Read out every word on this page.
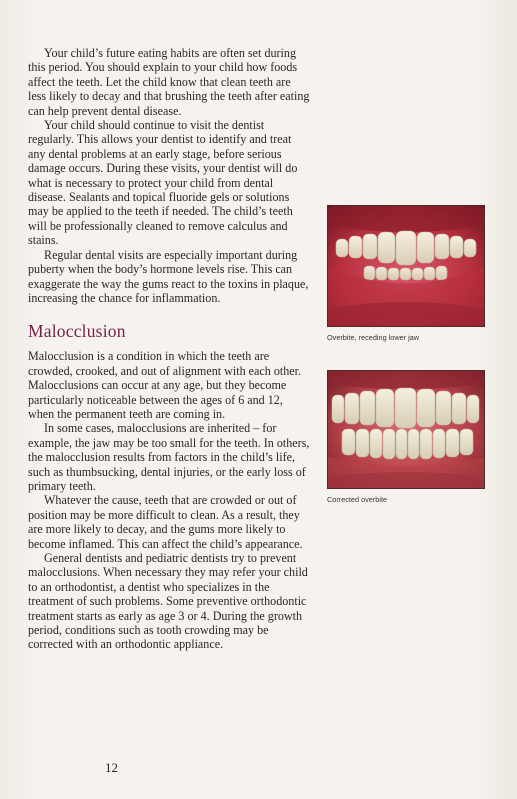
Your child’s future eating habits are often set during this period. You should explain to your child how foods affect the teeth. Let the child know that clean teeth are less likely to decay and that brushing the teeth after eating can help prevent dental disease.

Your child should continue to visit the dentist regularly. This allows your dentist to identify and treat any dental problems at an early stage, before serious damage occurs. During these visits, your dentist will do what is necessary to protect your child from dental disease. Sealants and topical fluoride gels or solutions may be applied to the teeth if needed. The child’s teeth will be professionally cleaned to remove calculus and stains.

Regular dental visits are especially important during puberty when the body’s hormone levels rise. This can exaggerate the way the gums react to the toxins in plaque, increasing the chance for inflammation.

Malocclusion

Malocclusion is a condition in which the teeth are crowded, crooked, and out of alignment with each other. Malocclusions can occur at any age, but they become particularly noticeable between the ages of 6 and 12, when the permanent teeth are coming in.

In some cases, malocclusions are inherited – for example, the jaw may be too small for the teeth. In others, the malocclusion results from factors in the child’s life, such as thumbsucking, dental injuries, or the early loss of primary teeth.

Whatever the cause, teeth that are crowded or out of position may be more difficult to clean. As a result, they are more likely to decay, and the gums more likely to become inflamed. This can affect the child’s appearance.

General dentists and pediatric dentists try to prevent malocclusions. When necessary they may refer your child to an orthodontist, a dentist who specializes in the treatment of such problems. Some preventive orthodontic treatment starts as early as age 3 or 4. During the growth period, conditions such as tooth crowding may be corrected with an orthodontic appliance.

Overbite, receding lower jaw
Corrected overbite
12
